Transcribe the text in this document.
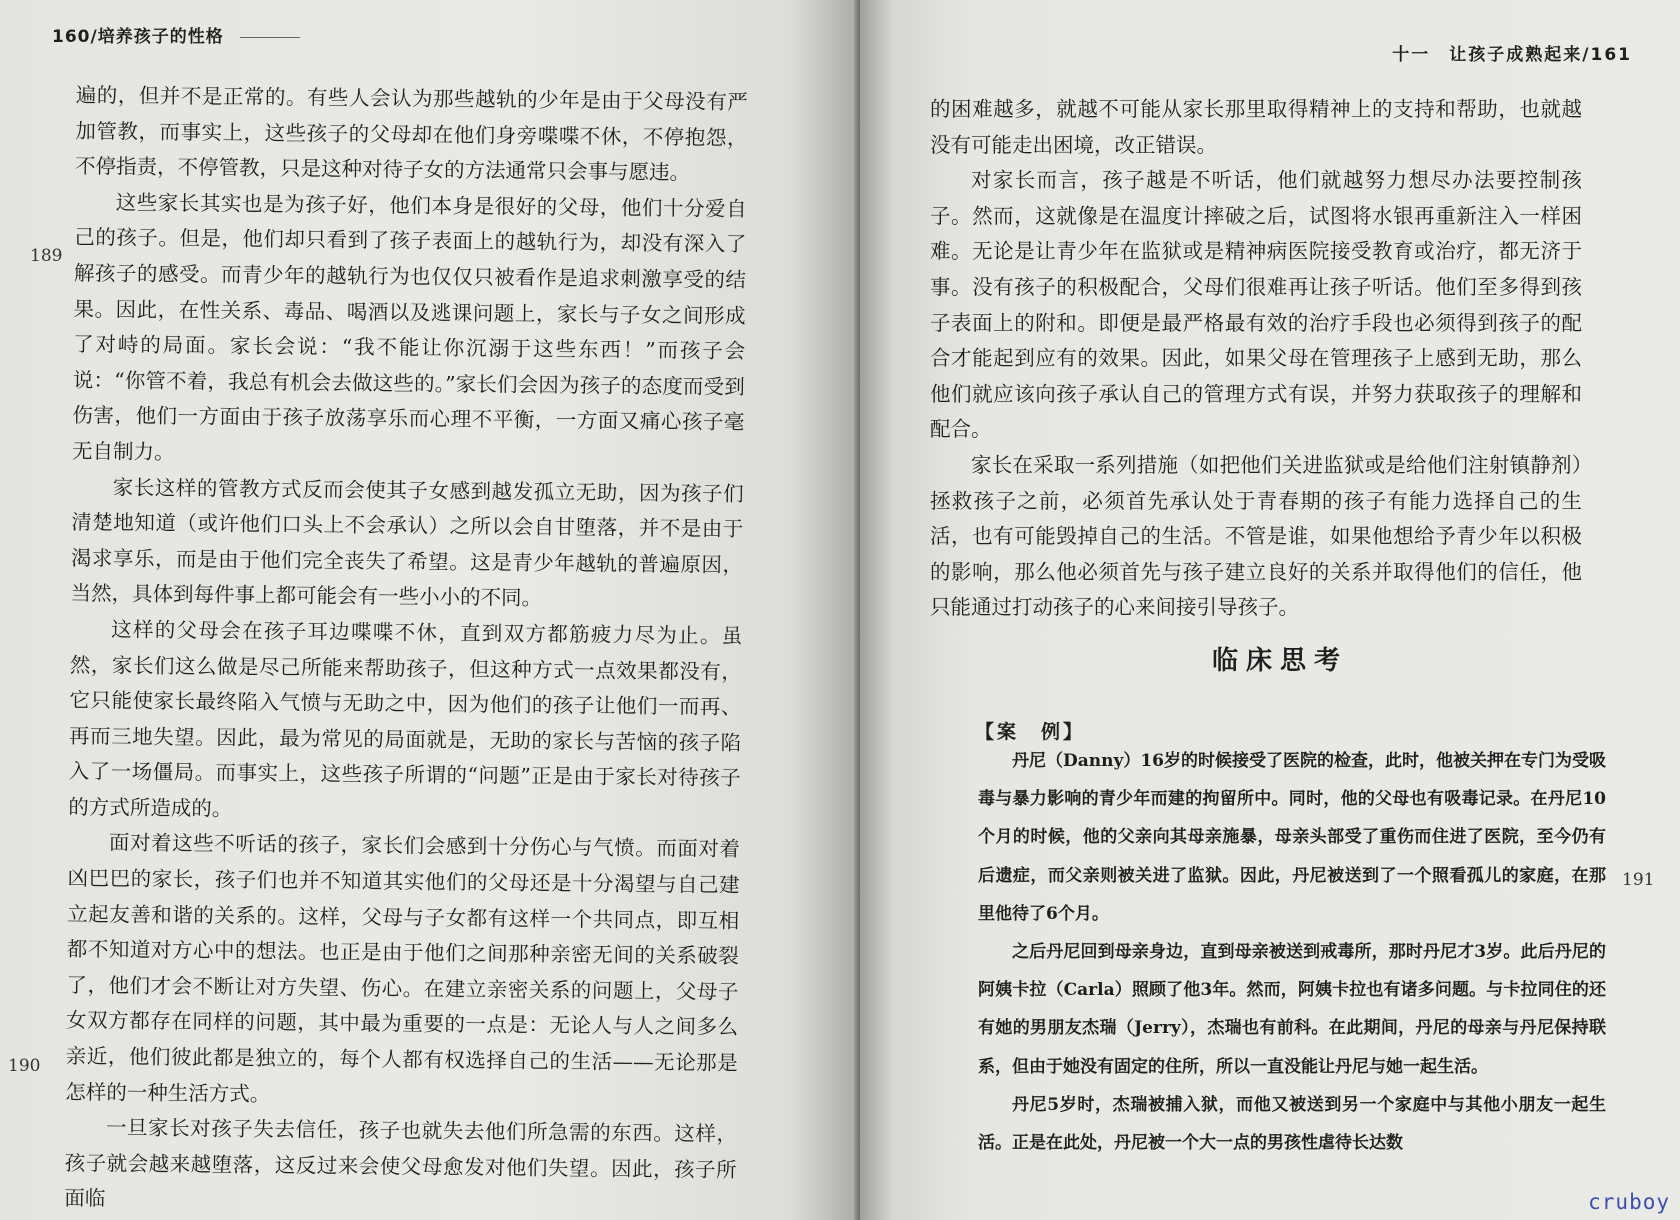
160/培养孩子的性格

遍的，但并不是正常的。有些人会认为那些越轨的少年是由于父母没有严加管教，而事实上，这些孩子的父母却在他们身旁喋喋不休，不停抱怨，不停指责，不停管教，只是这种对待子女的方法通常只会事与愿违。

这些家长其实也是为孩子好，他们本身是很好的父母，他们十分爱自己的孩子。但是，他们却只看到了孩子表面上的越轨行为，却没有深入了解孩子的感受。而青少年的越轨行为也仅仅只被看作是追求刺激享受的结果。因此，在性关系、毒品、喝酒以及逃课问题上，家长与子女之间形成了对峙的局面。家长会说：“我不能让你沉溺于这些东西！”而孩子会说：“你管不着，我总有机会去做这些的。”家长们会因为孩子的态度而受到伤害，他们一方面由于孩子放荡享乐而心理不平衡，一方面又痛心孩子毫无自制力。

家长这样的管教方式反而会使其子女感到越发孤立无助，因为孩子们清楚地知道（或许他们口头上不会承认）之所以会自甘堕落，并不是由于渴求享乐，而是由于他们完全丧失了希望。这是青少年越轨的普遍原因，当然，具体到每件事上都可能会有一些小小的不同。

这样的父母会在孩子耳边喋喋不休，直到双方都筋疲力尽为止。虽然，家长们这么做是尽己所能来帮助孩子，但这种方式一点效果都没有，它只能使家长最终陷入气愤与无助之中，因为他们的孩子让他们一而再、再而三地失望。因此，最为常见的局面就是，无助的家长与苦恼的孩子陷入了一场僵局。而事实上，这些孩子所谓的“问题”正是由于家长对待孩子的方式所造成的。

面对着这些不听话的孩子，家长们会感到十分伤心与气愤。而面对着凶巴巴的家长，孩子们也并不知道其实他们的父母还是十分渴望与自己建立起友善和谐的关系的。这样，父母与子女都有这样一个共同点，即互相都不知道对方心中的想法。也正是由于他们之间那种亲密无间的关系破裂了，他们才会不断让对方失望、伤心。在建立亲密关系的问题上，父母子女双方都存在同样的问题，其中最为重要的一点是：无论人与人之间多么亲近，他们彼此都是独立的，每个人都有权选择自己的生活——无论那是怎样的一种生活方式。

一旦家长对孩子失去信任，孩子也就失去他们所急需的东西。这样，孩子就会越来越堕落，这反过来会使父母愈发对他们失望。因此，孩子所面临

189
190
十一　让孩子成熟起来/161

的困难越多，就越不可能从家长那里取得精神上的支持和帮助，也就越没有可能走出困境，改正错误。

对家长而言，孩子越是不听话，他们就越努力想尽办法要控制孩子。然而，这就像是在温度计摔破之后，试图将水银再重新注入一样困难。无论是让青少年在监狱或是精神病医院接受教育或治疗，都无济于事。没有孩子的积极配合，父母们很难再让孩子听话。他们至多得到孩子表面上的附和。即便是最严格最有效的治疗手段也必须得到孩子的配合才能起到应有的效果。因此，如果父母在管理孩子上感到无助，那么他们就应该向孩子承认自己的管理方式有误，并努力获取孩子的理解和配合。

家长在采取一系列措施（如把他们关进监狱或是给他们注射镇静剂）拯救孩子之前，必须首先承认处于青春期的孩子有能力选择自己的生活，也有可能毁掉自己的生活。不管是谁，如果他想给予青少年以积极的影响，那么他必须首先与孩子建立良好的关系并取得他们的信任，他只能通过打动孩子的心来间接引导孩子。

临床思考
【案　例】

丹尼（Danny）16岁的时候接受了医院的检查，此时，他被关押在专门为受吸毒与暴力影响的青少年而建的拘留所中。同时，他的父母也有吸毒记录。在丹尼10个月的时候，他的父亲向其母亲施暴，母亲头部受了重伤而住进了医院，至今仍有后遗症，而父亲则被关进了监狱。因此，丹尼被送到了一个照看孤儿的家庭，在那里他待了6个月。

之后丹尼回到母亲身边，直到母亲被送到戒毒所，那时丹尼才3岁。此后丹尼的阿姨卡拉（Carla）照顾了他3年。然而，阿姨卡拉也有诸多问题。与卡拉同住的还有她的男朋友杰瑞（Jerry），杰瑞也有前科。在此期间，丹尼的母亲与丹尼保持联系，但由于她没有固定的住所，所以一直没能让丹尼与她一起生活。

丹尼5岁时，杰瑞被捕入狱，而他又被送到另一个家庭中与其他小朋友一起生活。正是在此处，丹尼被一个大一点的男孩性虐待长达数

191
cruboy
